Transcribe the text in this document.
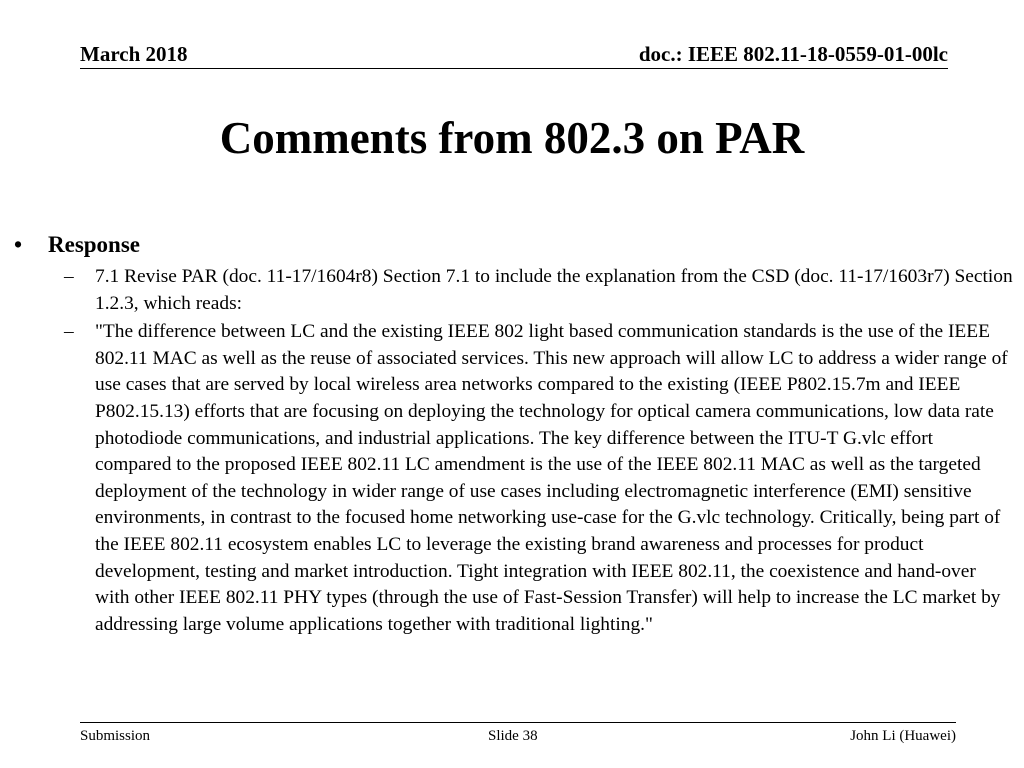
March 2018	doc.: IEEE 802.11-18-0559-01-00lc
Comments from 802.3 on PAR
• Response
– 7.1 Revise PAR (doc. 11-17/1604r8) Section 7.1 to include the explanation from the CSD (doc. 11-17/1603r7) Section 1.2.3, which reads:
– "The difference between LC and the existing IEEE 802 light based communication standards is the use of the IEEE 802.11 MAC as well as the reuse of associated services. This new approach will allow LC to address a wider range of use cases that are served by local wireless area networks compared to the existing (IEEE P802.15.7m and IEEE P802.15.13) efforts that are focusing on deploying the technology for optical camera communications, low data rate photodiode communications, and industrial applications. The key difference between the ITU-T G.vlc effort compared to the proposed IEEE 802.11 LC amendment is the use of the IEEE 802.11 MAC as well as the targeted deployment of the technology in wider range of use cases including electromagnetic interference (EMI) sensitive environments, in contrast to the focused home networking use-case for the G.vlc technology. Critically, being part of the IEEE 802.11 ecosystem enables LC to leverage the existing brand awareness and processes for product development, testing and market introduction. Tight integration with IEEE 802.11, the coexistence and hand-over with other IEEE 802.11 PHY types (through the use of Fast-Session Transfer) will help to increase the LC market by addressing large volume applications together with traditional lighting."
Submission	Slide 38	John Li (Huawei)
